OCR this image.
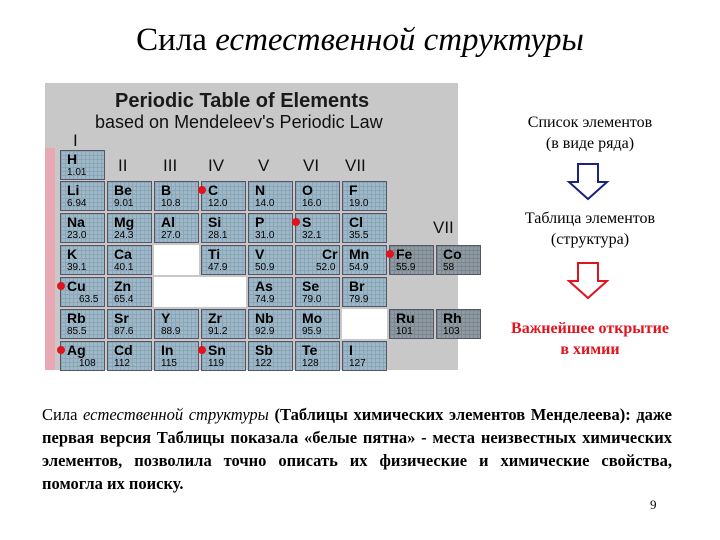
Сила естественной структуры
Periodic Table of Elements
based on Mendeleev's Periodic Law
I
II III IV V VI VII
VII
H
1.01
Li
6.94
Be
9.01
B
10.8
C
12.0
N
14.0
O
16.0
F
19.0
Na
23.0
Mg
24.3
Al
27.0
Si
28.1
P
31.0
S
32.1
Cl
35.5
K
39.1
Ca
40.1
Ti
47.9
V
50.9
Cr
52.0
Mn
54.9
Fe
55.9
Co
58
Cu
63.5
Zn
65.4
As
74.9
Se
79.0
Br
79.9
Rb
85.5
Sr
87.6
Y
88.9
Zr
91.2
Nb
92.9
Mo
95.9
Ru
101
Rh
103
Ag
108
Cd
112
In
115
Sn
119
Sb
122
Te
128
I
127
Список элементов
(в виде ряда)
Таблица элементов
(структура)
Важнейшее открытие
в химии
Сила естественной структуры (Таблицы химических элементов Менделеева): даже первая версия Таблицы показала «белые пятна» - места неизвестных химических элементов, позволила точно описать их физические и химические свойства, помогла их поиску.
9
